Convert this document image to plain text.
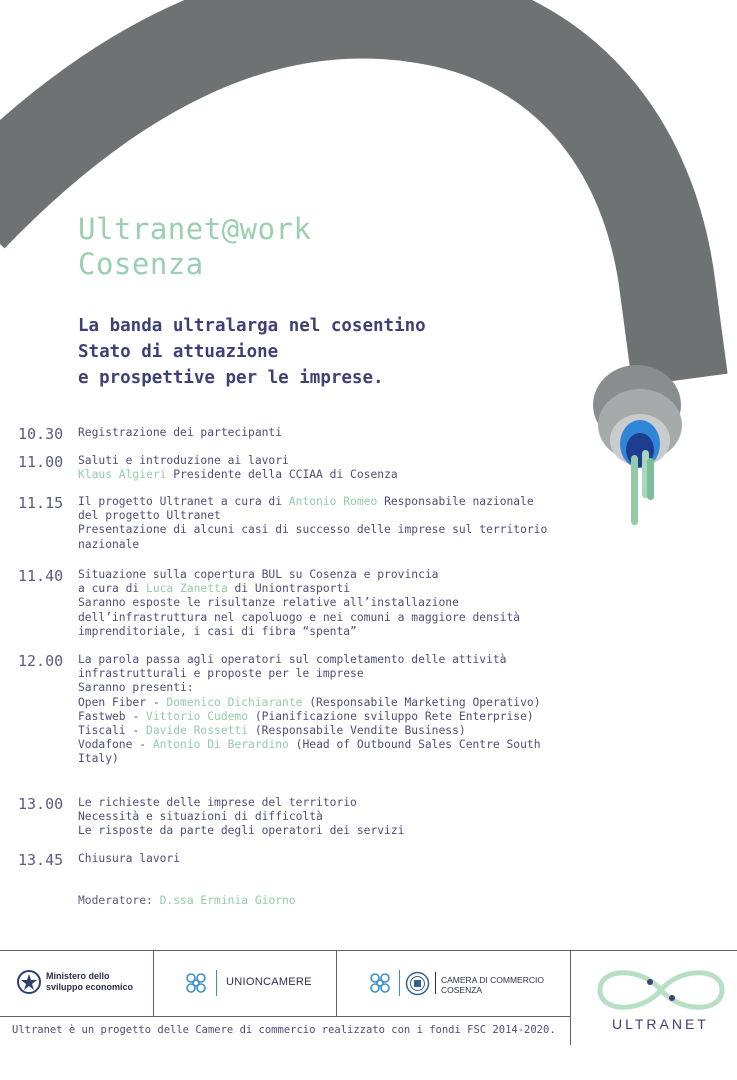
Ultranet@work
Cosenza
La banda ultralarga nel cosentino
Stato di attuazione
e prospettive per le imprese.
10.30 Registrazione dei partecipanti
11.00 Saluti e introduzione ai lavori
Klaus Algieri Presidente della CCIAA di Cosenza
11.15 Il progetto Ultranet a cura di Antonio Romeo Responsabile nazionale
del progetto Ultranet
Presentazione di alcuni casi di successo delle imprese sul territorio
nazionale
11.40 Situazione sulla copertura BUL su Cosenza e provincia
a cura di Luca Zanetta di Uniontrasporti
Saranno esposte le risultanze relative all’installazione
dell’infrastruttura nel capoluogo e nei comuni a maggiore densità
imprenditoriale, i casi di fibra “spenta”
12.00 La parola passa agli operatori sul completamento delle attività
infrastrutturali e proposte per le imprese
Saranno presenti:
Open Fiber - Domenico Dichiarante (Responsabile Marketing Operativo)
Fastweb - Vittorio Cudemo (Pianificazione sviluppo Rete Enterprise)
Tiscali - Davide Rossetti (Responsabile Vendite Business)
Vodafone - Antonio Di Berardino (Head of Outbound Sales Centre South
Italy)
13.00 Le richieste delle imprese del territorio
Necessità e situazioni di difficoltà
Le risposte da parte degli operatori dei servizi
13.45 Chiusura lavori
Moderatore: D.ssa Erminia Giorno
Ministero dello
sviluppo economico	UNIONCAMERE	CAMERA DI COMMERCIO
COSENZA
ULTRANET
Ultranet è un progetto delle Camere di commercio realizzato con i fondi FSC 2014-2020.
